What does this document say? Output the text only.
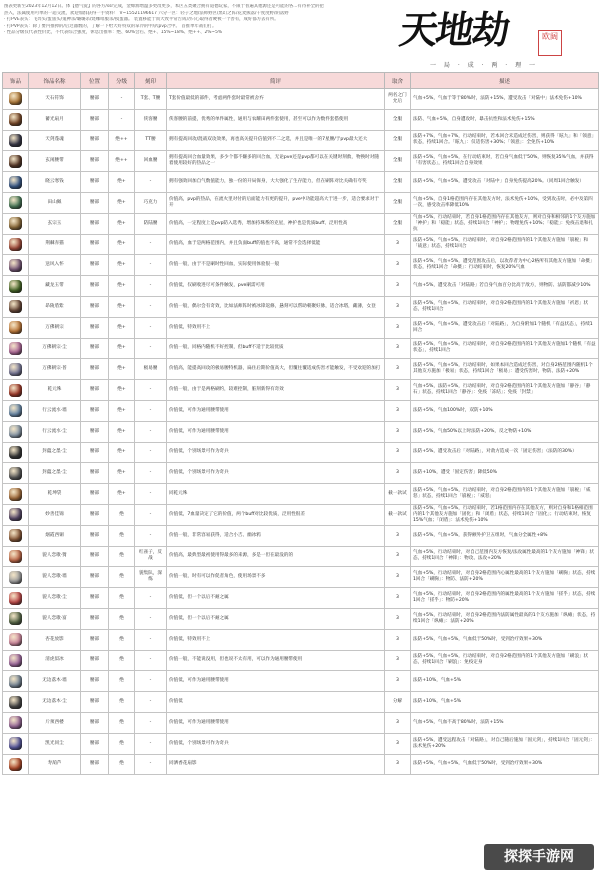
图表更新至2023年12月12日。体【德气爱】的各方/ssr完成，金爆源增温多更改更多，本区五类聚合拥有道德玩家，不限于普遍其他源还是可能的各...有待补全的把
热入，法属使用可单的一超交流，欢迎加群获得一手资料！ V~15521196617 六分一区：轻子之地/法师野区/黑幻之阵/花麦熊落/千度度野/阴落野
· 打PVE表头：飞奔头/蛋旅头/鬼神杀/璐璐杀/烧咖啡服杀/摸蛋器。 装置移能于而大致平常告成功只心取得者硬被一个善有，成好都方去有所。
· 打PVP表头：除了要内推掉的/后过器数的，了解一下给大好特双的拿冷的中/武pvp合中。 首推单年战们打。
· 性品分级仅代表性价比，不代表综合强度，休息出推率：绝、60%会右、绝+、15%~18%、绝++、2%~5%	天地劫
一 局 · 成 · 两 · 理 一
欧阔
饰品	饰品名称	位置	分级	刻印	简评	取舍	描述
	天石符饰	腰部	-	T套、T腰	T套价值最低的部件，考虑两件套时最常被舍弃	两名之门允后	气血+5%，气血于等于80%时，法防+15%，遭受攻击「对陆中」法术免伤+10%
	蓄光扇月	腰部	-	侠客腰	侠客腰的前提，优秀的单件属性，通用与农耀田两件套使用，甚至可以作为数件套搭使用	全服	法防、气血+5%，自身遭攻时，暴击抗性和法术免伤+15%
	天剑蓬魂	腰部	绝++	TT腰	拥有提高回攻/混战双攻效果，再也高关提升信值到不二之选，并且是唯一的7星腰/于pvp最大还大	全服	法防+7%，气血+7%，行动结束时，若本回合未造成过伤害，则获得「眩九」和「领意」状态，持续1回合。「眩九」：仅适伤害+30%；「领意」：全免伤+10%
	玄闲腰带	腰部	绝++	回血腰	拥有提高回合血量效果，多少个都不嫌多的回合血，无论pve还是pvp都可以在关键时刻救，物换时对随着使用较好的热品之一	全服	法防+5%，气血+5%，在行动结束时，若自身气血低于50%，则恢复35%气血，并获得「有害状态」，持续1回合自身效果
	晓云寒钱	腰部	绝+	-	拥有强效回加自气数值能力，独一份的开局保身，大大强化了生存能力，但在刷阵对比关确有夸奖	全服	法防+5%，气血+5%，遭受攻击「对陆中」自身免伤提高20%。（同周1回合触发）
	田山佩	腰部	绝+	巧克力	价值高，pvp的热品，在流火里对付的后面能力有更的提升，pve中功能超高大于进一步，适合要求对于开	全服	气血+5%，自身1格范围内存在其他友方时，法术免伤+10%，受到攻击时，必中及第四一次，感受攻击率降低10%
	玄宗玉	腰部	绝+	防陆腰	价值高，一定程度上是pvp防入选秀，增加持珠系的克星，神护也是优质buff、泛用性高	全服	气血+5%，行动结束时，若自身1格范围内存在其他友方，则对自身和相邻的1个友方施加「神护」和「稳能」状态，持续1回合「神护」；物理免伤+10%；「稳能」：免疫击退和扎抗
	荆棘赤猫	腰部	绝+	-	价值高，血于是两格范围内，并且负面buff的值也不高，通常不会选择低能	3	法防+5%，气血+5%，行动结束时，对自身2格范围内的1个其他友方施加「崩税」和「战意」状态，持续1回合
	送风入怀	腰部	绝+	-	价值一般，由于不是刷时性回血，实际使用体验很一般	3	法防+5%，气血+5%，遭受范围攻击后，以攻荐者为中心2格所有其他友方施加「命摄」状态，持续1回合「命摄」：行动结束时，恢复20%气血
	藏龙玉带	腰部	绝+	-	价值低，仅刷收进尽可条件触发，pve刷需可用	3	气血+5%，遭受攻击「对陆路」若自身气血百分比高于敌方，则物防、法防都减少10%
	昂陵盾紫	腰部	绝+	-	价值一般，偶尔会有奇效，比如法师阵时被冰锋返修，悬刻可以帮助朝聚好脉，适合冰塔，藏薄，女登	3	法防+5%，气血+5%，行动结束时，对自身2格范围内的1个其他友方施加「祈恩」状态，持续1回合
	万佛朝宗	腰部	绝+	-	价值低，特效用不上	3	法防+5%，气血+5%，遭受攻击后「对陆路」，为自身附加1个随机「有益状态」，持续1回合
	万佛朝宗·尘	腰部	绝+	-	价值一般，同格内随机不好控制，但buff不适于比较优质	3	法防+5%，气血+5%，行动结束时，对自身2格范围内的1个其他友方施加1个随机「有益状态」，持续1回合
	万佛朝宗·普	腰部	绝+	极易腰	价值高，能提高回攻的极易腰特机器，扁住后期价值高大，但覆往覆适成伤害才能触发，不受欢迎的加打	3	法防+5%，气血+5%，行动结束时，如果本回合造成过伤害，对自身2格范围内随机1个其他友方施加「极易」状态，持续1回合「极易」：遭受伤害时，物防、法防+20%
	乾元殊	腰部	绝+	-	价值一般，由于是两格刷约，较难控制，脏刻新得有奇效	3	气血+5%，法防+5%，行动结束时，对自身2格范围内的1个其他友方施加「静谷」「静石」状态，持续1回合「静谷」：免疫「冻结」；免疫「封禁」
	行云流水·墙	腰部	绝+	-	价值低，可作为通用腰带使用	3	法防+5%，气血100%时，双防+10%
	行云流水·尘	腰部	绝+	-	价值低，可作为通用腰带使用	3	法防+5%，气血50%以上时法防+20%，反之物防+10%
	封蕴之墨·尘	腰部	绝+	-	价值低，个别场景可作为奇兵	3	法防+5%，遭受攻击后「对陆路」，对敌方造成一次「固定伤害」（法防的30%）
	封蕴之墨·尘	腰部	绝+	-	价值低，个别场景可作为奇兵	3	法防+10%，遭受「固定伤害」降低50%
	乾坤袋	腰部	绝+	-	同乾元殊	截一款试	法防+5%，气血+5%，行动结束时，对自身2格范围内的1个其他友方施加「崩税」「威怒」状态，持续1回合「崩税」；「威怒」
	妙善佳锦	腰部	绝	-	价值低，7血量决定了它的价值，两个buff对比较优质，泛用性很差	截一款试	法防+5%，气血+5%，行动结束时，若1格范围内存在其他友方，则对自身和1格相范围内的1个其他友方施加「固化」和「闭盾」状态，持续1回合「固化」；行动结束时，恢复15%气血；「闭盾」：法术免伤+10%
	烟霞西铜	腰部	绝	-	价值一般，非常容易获得，适合小吉、幽冰鸦	3	法防+5%，气血+5%，获得额外护卫五组时，气血分全属性+8%
	貌人恋歌·猗	腰部	绝	红雀子，反战	价值高，最典型最初使用得最多的来源，多是一但在最没的的	3	气血+5%，行动结束时，对自己范围内友方恢复/法攻属性最高的1个友方施加「神锋」状态，持续1回合「神锋」：物攻、法攻+20%
	貌人恋歌·墙	腰部	绝	貌集队，深练	价值一般，时有可以作促者角色，使用场景不多	3	气血+5%，行动结束时，对自身2格范围内心属性最高的1个友方施加「刷胸」状态，持续1回合「刷胸」：物防、法防+20%
	貌人恋歌·尘	腰部	绝	-	价值低，但一个以后不耐之属	3	气血+5%，行动结束时，对自身2格范围内的属性最高的1个友方施加「搓乎」状态，持续1回合「搓乎」：物防+20%
	貌人恋歌·富	腰部	绝	-	价值低，但一个以后不耐之属	3	气血+5%，行动结束时，对自身2格范围内法防属性最高的1个友方施加「纵瘫」状态，持续1回合「纵瘫」：法防+20%
	杏花放影	腰部	绝	-	价值低，特效用不上	3	法防+5%，气血+5%，气血低于50%时，受到治疗效果+30%
	清虎似冰	腰部	绝	-	价值一般，不能说没用，但也说不太有用，可以作为通用腰带使用	3	法防+5%，气血+5%，行动结束时，对自身2格范围内的1个其他友方施加「刷浪」状态，持续1回合「刷浪」：免疫定身
	无边落木·墙	腰部	绝	-	价值低，可作为通用腰带使用	3	法防+10%，气血+5%
	无边落木·尘	腰部	绝	-	价值低	分解	法防+10%，气血+5%
	斤须西楼	腰部	绝	-	价值低，可作为通用腰带使用	3	气血+5%，气血不高于80%时，法防+15%
	凯光同尘	腰部	绝	-	价值低，个别场景可作为奇兵	3	法防+5%，遭受远程攻击「对陆路」，对自己随后施加「固元剑」，持续1回合「固元剑」：法术免伤+20%
	寿葫芦	腰部	绝	-	同洒香花扇影	3	法防+5%，气血+5%，气血低于50%时，受到治疗效果+30%
探探手游网
